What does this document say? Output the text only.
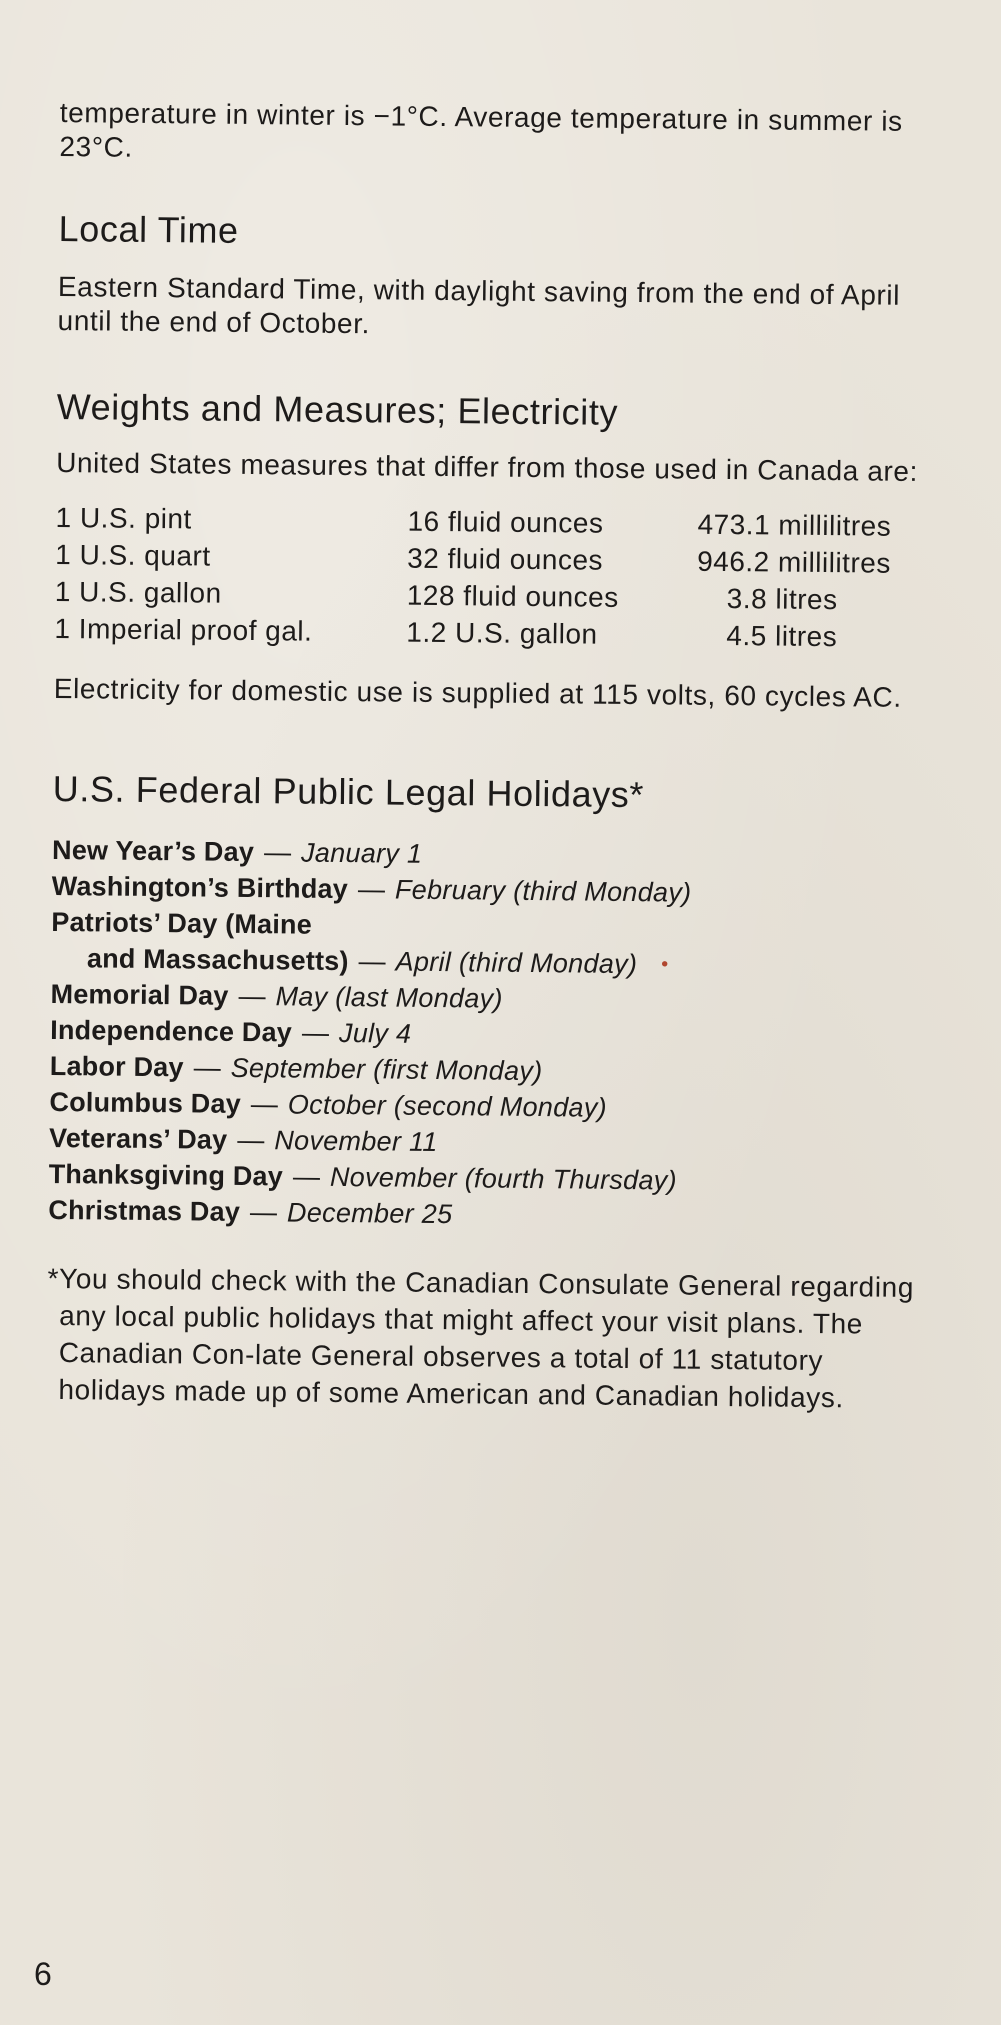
temperature in winter is −1°C. Average temperature in summer is 23°C.

Local Time

Eastern Standard Time, with daylight saving from the end of April until the end of October.

Weights and Measures; Electricity

United States measures that differ from those used in Canada are:

1 U.S. pint	16 fluid ounces	473.1 millilitres
1 U.S. quart	32 fluid ounces	946.2 millilitres
1 U.S. gallon	128 fluid ounces	3.8 litres
1 Imperial proof gal.	1.2 U.S. gallon	4.5 litres

Electricity for domestic use is supplied at 115 volts, 60 cycles AC.

U.S. Federal Public Legal Holidays*
New Year’s Day — January 1
Washington’s Birthday — February (third Monday)
Patriots’ Day (Maine
and Massachusetts) — April (third Monday) •
Memorial Day — May (last Monday)
Independence Day — July 4
Labor Day — September (first Monday)
Columbus Day — October (second Monday)
Veterans’ Day — November 11
Thanksgiving Day — November (fourth Thursday)
Christmas Day — December 25

*You should check with the Canadian Consulate General regarding any local public holidays that might affect your visit plans. The Canadian Con-late General observes a total of 11 statutory holidays made up of some American and Canadian holidays.

6
